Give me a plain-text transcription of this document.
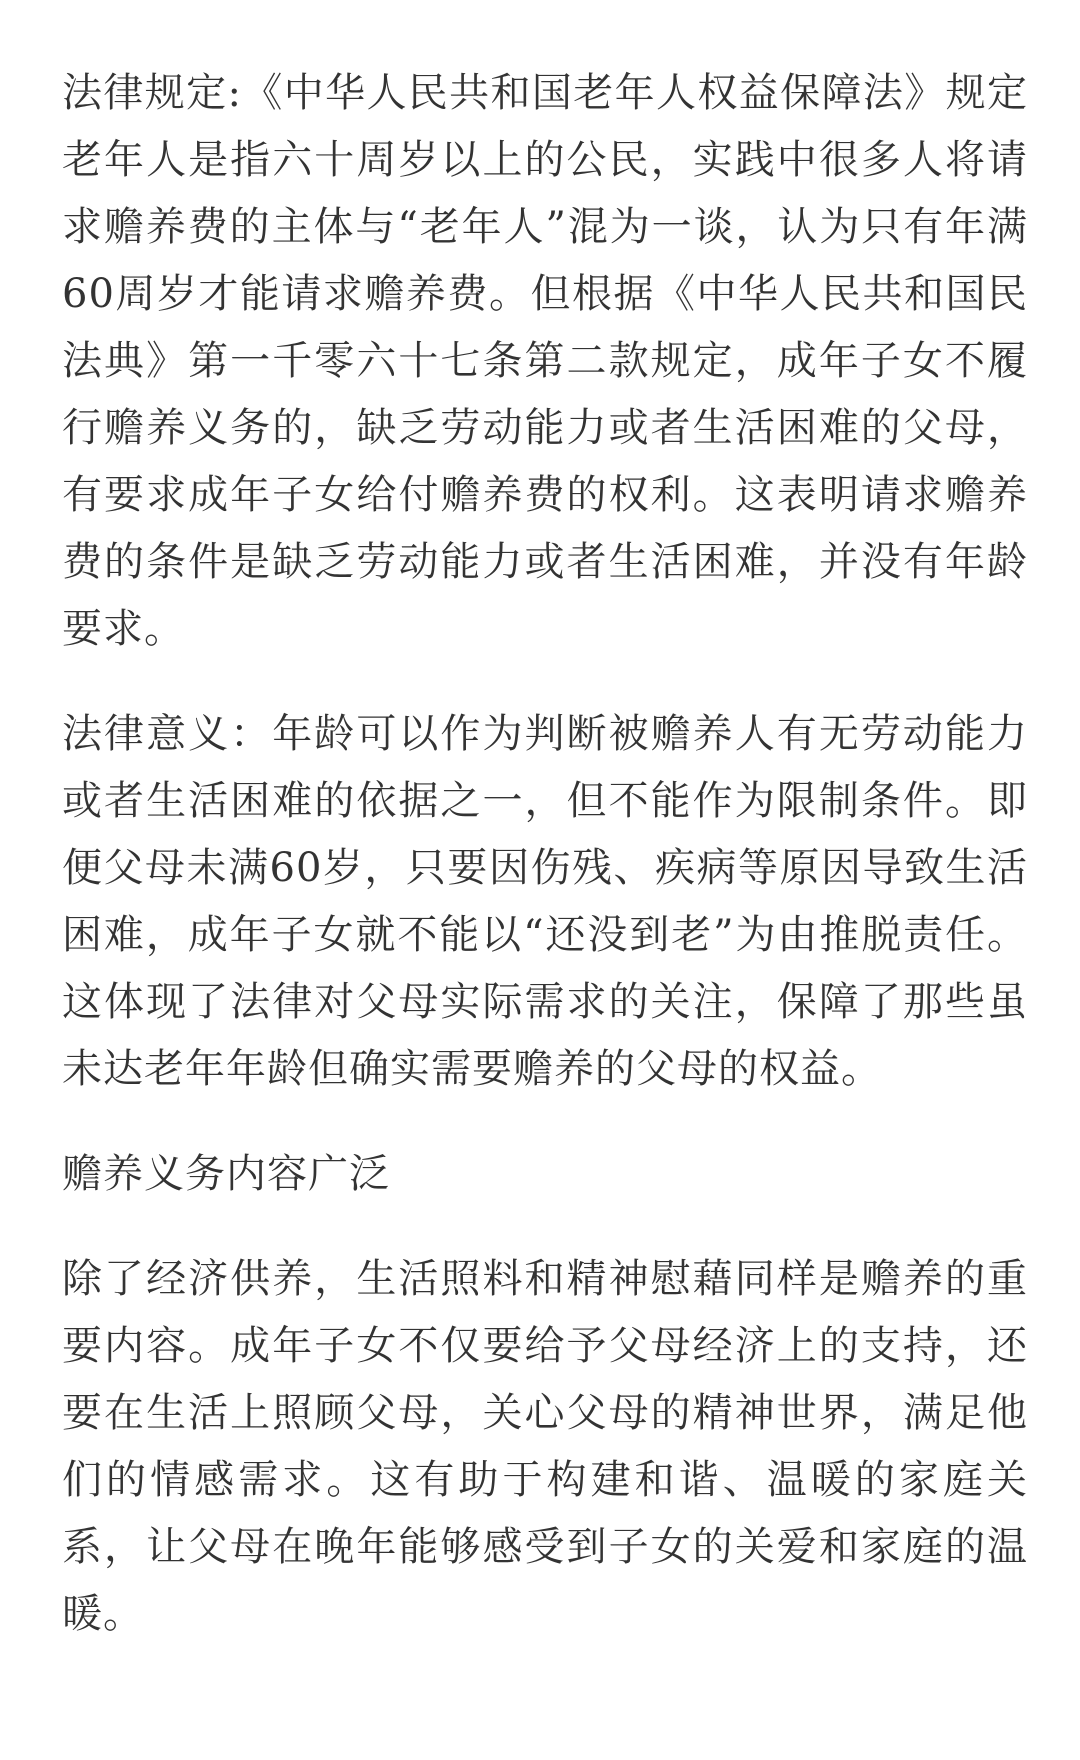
法律规定:《中华人民共和国老年人权益保障法》规定老年人是指六十周岁以上的公民，实践中很多人将请求赡养费的主体与“老年人”混为一谈，认为只有年满60周岁才能请求赡养费。但根据《中华人民共和国民法典》第一千零六十七条第二款规定，成年子女不履行赡养义务的，缺乏劳动能力或者生活困难的父母，有要求成年子女给付赡养费的权利。这表明请求赡养费的条件是缺乏劳动能力或者生活困难，并没有年龄要求。

法律意义：年龄可以作为判断被赡养人有无劳动能力或者生活困难的依据之一，但不能作为限制条件。即便父母未满60岁，只要因伤残、疾病等原因导致生活困难，成年子女就不能以“还没到老”为由推脱责任。这体现了法律对父母实际需求的关注，保障了那些虽未达老年年龄但确实需要赡养的父母的权益。

赡养义务内容广泛

除了经济供养，生活照料和精神慰藉同样是赡养的重要内容。成年子女不仅要给予父母经济上的支持，还要在生活上照顾父母，关心父母的精神世界，满足他们的情感需求。这有助于构建和谐、温暖的家庭关系，让父母在晚年能够感受到子女的关爱和家庭的温暖。
